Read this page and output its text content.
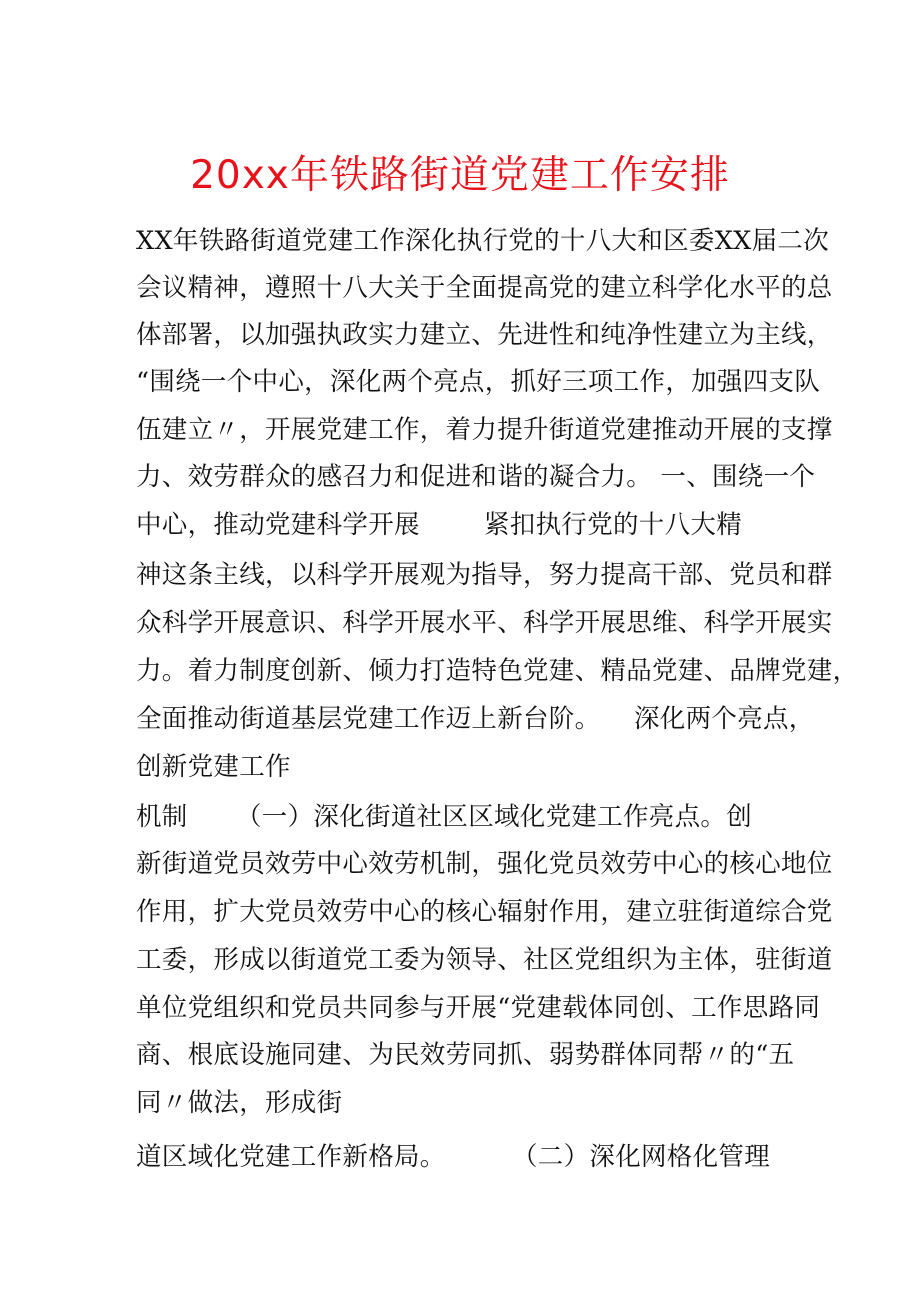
20xx年铁路街道党建工作安排
XX年铁路街道党建工作深化执行党的十八大和区委XX届二次
会议精神，遵照十八大关于全面提高党的建立科学化水平的总
体部署，以加强执政实力建立、先进性和纯净性建立为主线，
“围绕一个中心，深化两个亮点，抓好三项工作，加强四支队
伍建立〃，开展党建工作，着力提升街道党建推动开展的支撑
力、效劳群众的感召力和促进和谐的凝合力。 一、围绕一个
中心，推动党建科学开展	紧扣执行党的十八大精
神这条主线，以科学开展观为指导，努力提高干部、党员和群
众科学开展意识、科学开展水平、科学开展思维、科学开展实
力。着力制度创新、倾力打造特色党建、精品党建、品牌党建，
全面推动街道基层党建工作迈上新台阶。 深化两个亮点，
创新党建工作
机制 （一）深化街道社区区域化党建工作亮点。创
新街道党员效劳中心效劳机制，强化党员效劳中心的核心地位
作用，扩大党员效劳中心的核心辐射作用，建立驻街道综合党
工委，形成以街道党工委为领导、社区党组织为主体，驻街道
单位党组织和党员共同参与开展“党建载体同创、工作思路同
商、根底设施同建、为民效劳同抓、弱势群体同帮〃的“五
同〃做法，形成街
道区域化党建工作新格局。	（二）深化网格化管理
